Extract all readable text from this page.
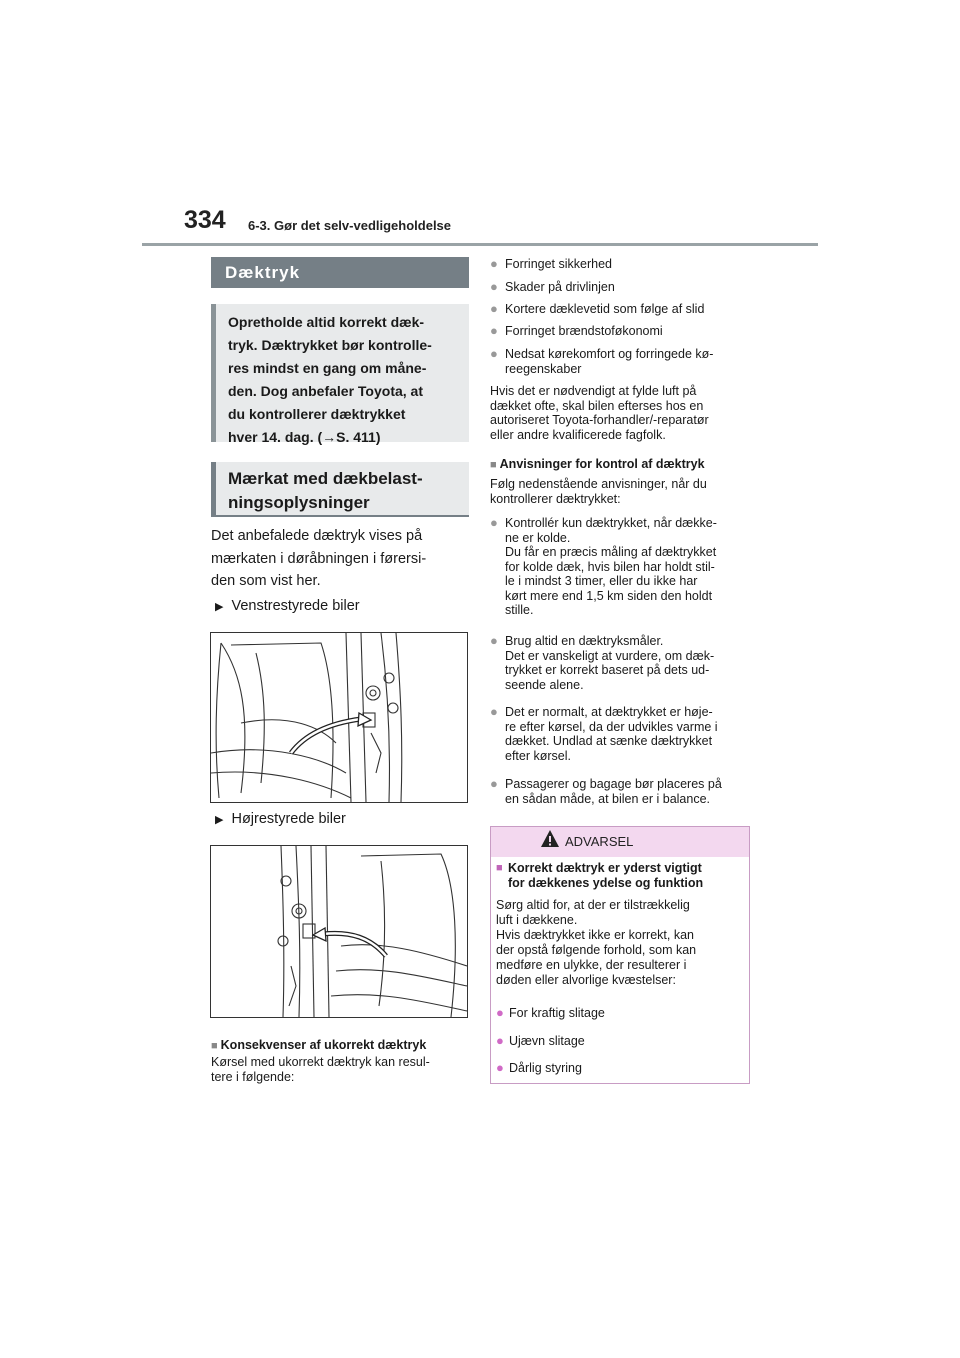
334 6-3. Gør det selv-vedligeholdelse
Dæktryk
Opretholde altid korrekt dæk-
tryk. Dæktrykket bør kontrolle-
res mindst en gang om måne-
den. Dog anbefaler Toyota, at
du kontrollerer dæktrykket
hver 14. dag. (→S. 411)
Mærkat med dækbelast-
ningsoplysninger
Det anbefalede dæktryk vises på
mærkaten i døråbningen i førersi-
den som vist her.
▶ Venstrestyrede biler
▶ Højrestyrede biler
■ Konsekvenser af ukorrekt dæktryk
Kørsel med ukorrekt dæktryk kan resul-
tere i følgende:
● Forringet sikkerhed
● Skader på drivlinjen
● Kortere dæklevetid som følge af slid
● Forringet brændstoføkonomi
● Nedsat kørekomfort og forringede kø-
reegenskaber
Hvis det er nødvendigt at fylde luft på
dækket ofte, skal bilen efterses hos en
autoriseret Toyota-forhandler/-reparatør
eller andre kvalificerede fagfolk.
■ Anvisninger for kontrol af dæktryk
Følg nedenstående anvisninger, når du
kontrollerer dæktrykket:
● Kontrollér kun dæktrykket, når dække-
ne er kolde.
Du får en præcis måling af dæktrykket
for kolde dæk, hvis bilen har holdt stil-
le i mindst 3 timer, eller du ikke har
kørt mere end 1,5 km siden den holdt
stille.
● Brug altid en dæktryksmåler.
Det er vanskeligt at vurdere, om dæk-
trykket er korrekt baseret på dets ud-
seende alene.
● Det er normalt, at dæktrykket er høje-
re efter kørsel, da der udvikles varme i
dækket. Undlad at sænke dæktrykket
efter kørsel.
● Passagerer og bagage bør placeres på
en sådan måde, at bilen er i balance.
ADVARSEL
■ Korrekt dæktryk er yderst vigtigt
for dækkenes ydelse og funktion
Sørg altid for, at der er tilstrækkelig
luft i dækkene.
Hvis dæktrykket ikke er korrekt, kan
der opstå følgende forhold, som kan
medføre en ulykke, der resulterer i
døden eller alvorlige kvæstelser:
● For kraftig slitage
● Ujævn slitage
● Dårlig styring
